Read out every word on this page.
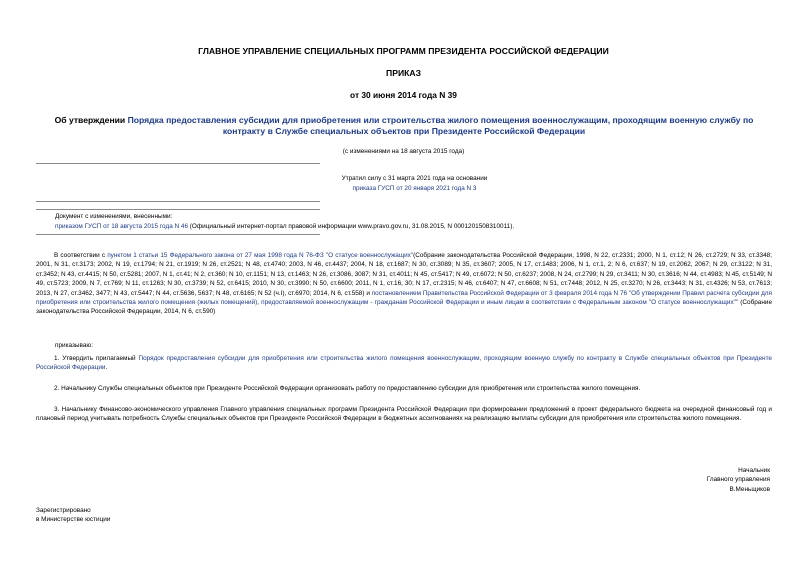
ГЛАВНОЕ УПРАВЛЕНИЕ СПЕЦИАЛЬНЫХ ПРОГРАММ ПРЕЗИДЕНТА РОССИЙСКОЙ ФЕДЕРАЦИИ
ПРИКАЗ
от 30 июня 2014 года N 39
Об утверждении Порядка предоставления субсидии для приобретения или строительства жилого помещения военнослужащим, проходящим военную службу по контракту в Службе специальных объектов при Президенте Российской Федерации
(с изменениями на 18 августа 2015 года)
Утратил силу с 31 марта 2021 года на основании
приказа ГУСП от 20 января 2021 года N 3
Документ с изменениями, внесенными:
приказом ГУСП от 18 августа 2015 года N 46 (Официальный интернет-портал правовой информации www.pravo.gov.ru, 31.08.2015, N 0001201508310011).
В соответствии с пунктом 1 статьи 15 Федерального закона от 27 мая 1998 года N 76-ФЗ "О статусе военнослужащих"(Собрание законодательства Российской Федерации, 1998, N 22, ст.2331; 2000, N 1, ст.12; N 26, ст.2729; N 33, ст.3348; 2001, N 31, ст.3173; 2002, N 19, ст.1794; N 21, ст.1919; N 26, ст.2521; N 48, ст.4740; 2003, N 46, ст.4437; 2004, N 18, ст.1687; N 30, ст.3089; N 35, ст.3607; 2005, N 17, ст.1483; 2006, N 1, ст.1, 2; N 6, ст.637; N 19, ст.2062, 2067; N 29, ст.3122; N 31, ст.3452; N 43, ст.4415; N 50, ст.5281; 2007, N 1, ст.41; N 2, ст.360; N 10, ст.1151; N 13, ст.1463; N 26, ст.3086, 3087; N 31, ст.4011; N 45, ст.5417; N 49, ст.6072; N 50, ст.6237; 2008, N 24, ст.2799; N 29, ст.3411; N 30, ст.3616; N 44, ст.4983; N 45, ст.5149; N 49, ст.5723; 2009, N 7, ст.769; N 11, ст.1263; N 30, ст.3739; N 52, ст.6415; 2010, N 30, ст.3990; N 50, ст.6600; 2011, N 1, ст.16, 30; N 17, ст.2315; N 46, ст.6407; N 47, ст.6608; N 51, ст.7448; 2012, N 25, ст.3270; N 26, ст.3443; N 31, ст.4326; N 53, ст.7613; 2013, N 27, ст.3462, 3477; N 43, ст.5447; N 44, ст.5636, 5637; N 48, ст.6165; N 52 (ч.I), ст.6970; 2014, N 6, ст.558) и постановлением Правительства Российской Федерации от 3 февраля 2014 года N 76 "Об утверждении Правил расчета субсидии для приобретения или строительства жилого помещения (жилых помещений), предоставляемой военнослужащим - гражданам Российской Федерации и иным лицам в соответствии с Федеральным законом "О статусе военнослужащих"" (Собрание законодательства Российской Федерации, 2014, N 6, ст.590)
приказываю:
1. Утвердить прилагаемый Порядок предоставления субсидии для приобретения или строительства жилого помещения военнослужащим, проходящим военную службу по контракту в Службе специальных объектов при Президенте Российской Федерации.
2. Начальнику Службы специальных объектов при Президенте Российской Федерации организовать работу по предоставлению субсидии для приобретения или строительства жилого помещения.
3. Начальнику Финансово-экономического управления Главного управления специальных программ Президента Российской Федерации при формировании предложений в проект федерального бюджета на очередной финансовый год и плановый период учитывать потребность Службы специальных объектов при Президенте Российской Федерации в бюджетных ассигнованиях на реализацию выплаты субсидии для приобретения или строительства жилого помещения.
Начальник
Главного управления
В.Меньщиков
Зарегистрировано
в Министерстве юстиции
